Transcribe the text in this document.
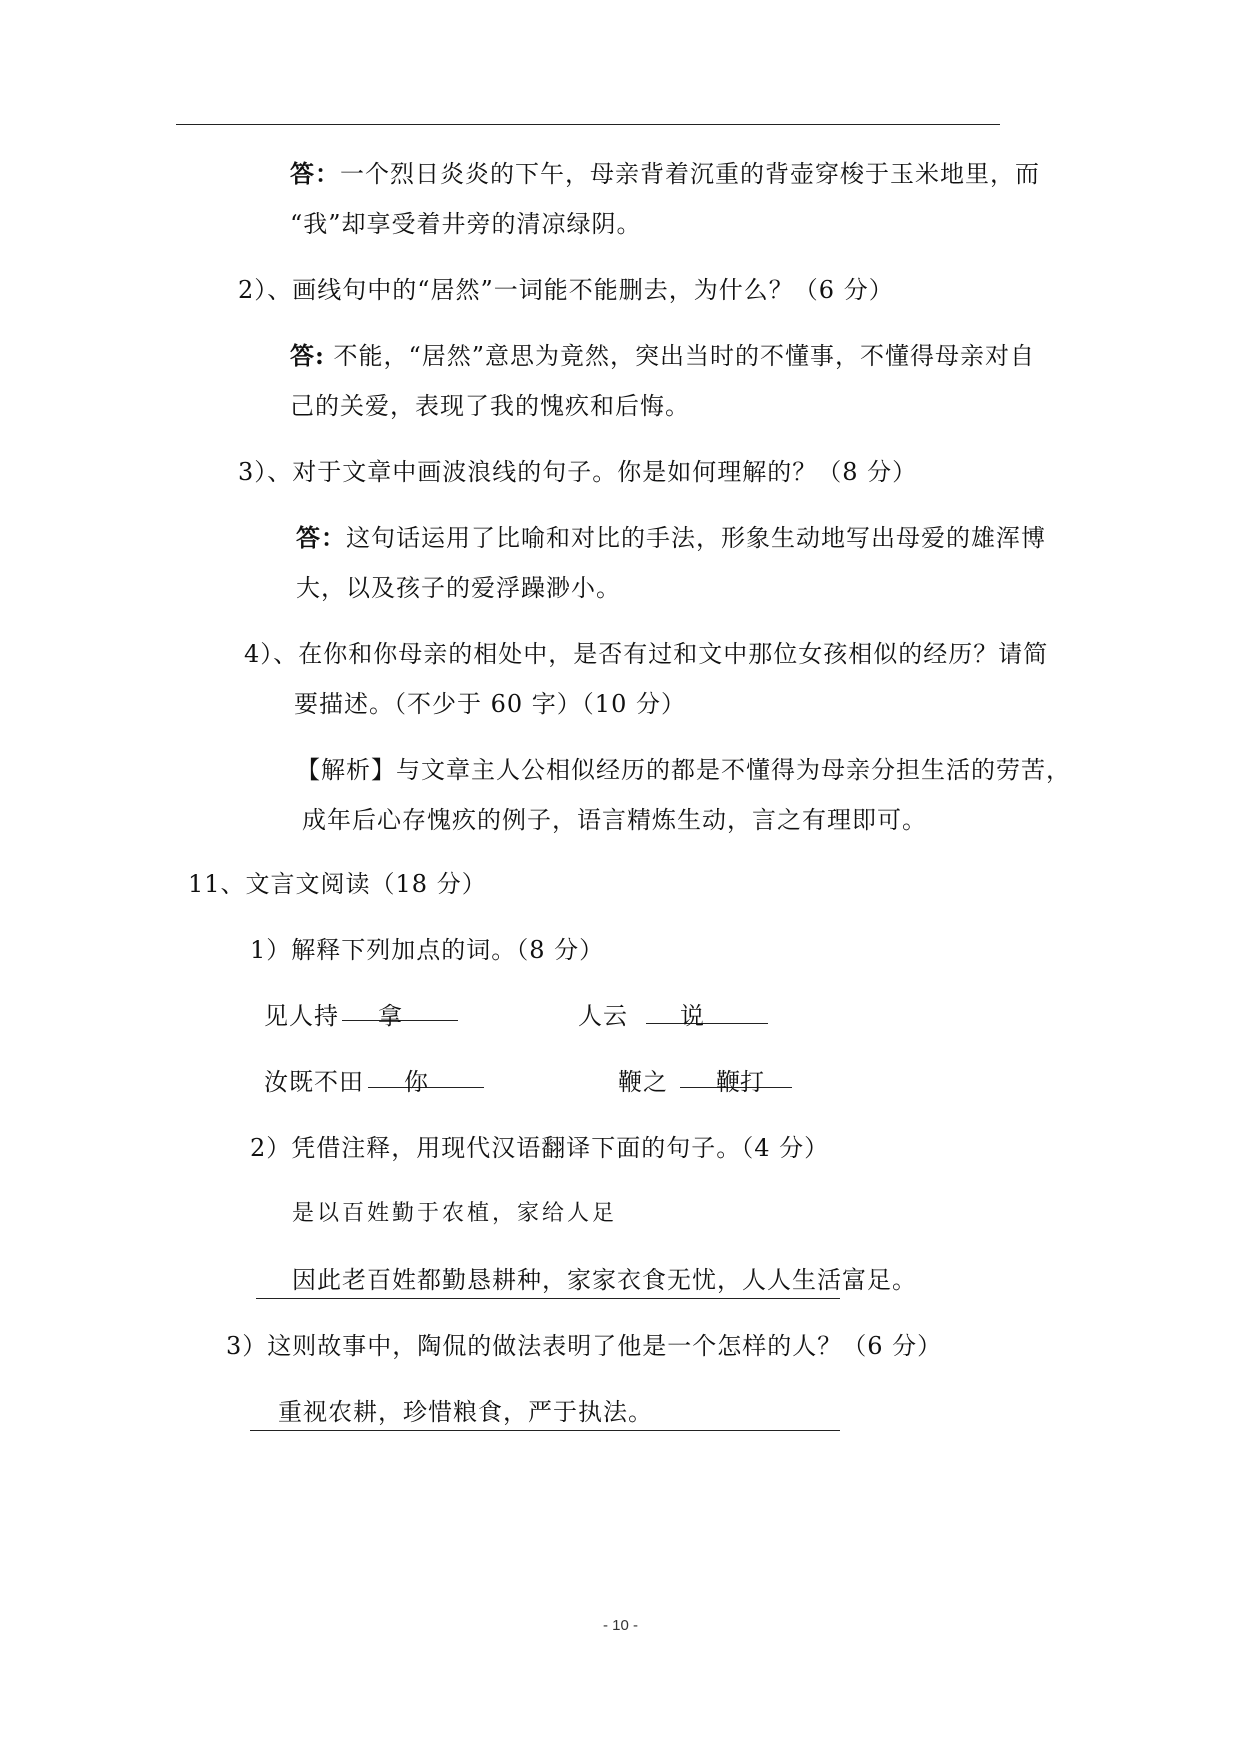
答：一个烈日炎炎的下午，母亲背着沉重的背壶穿梭于玉米地里，而
“我”却享受着井旁的清凉绿阴。
2）、画线句中的“居然”一词能不能删去，为什么？（6 分）
答: 不能，“居然”意思为竟然，突出当时的不懂事，不懂得母亲对自
己的关爱，表现了我的愧疚和后悔。
3）、对于文章中画波浪线的句子。你是如何理解的？（8 分）
答：这句话运用了比喻和对比的手法，形象生动地写出母爱的雄浑博
大，以及孩子的爱浮躁渺小。
4）、在你和你母亲的相处中，是否有过和文中那位女孩相似的经历？请简
要描述。（不少于 60 字）（10 分）
【解析】与文章主人公相似经历的都是不懂得为母亲分担生活的劳苦，
成年后心存愧疚的例子，语言精炼生动，言之有理即可。
11、文言文阅读（18 分）
1）解释下列加点的词。（8 分）
见人持 拿	人云 说
汝既不田 你	鞭之 鞭打
2）凭借注释，用现代汉语翻译下面的句子。（4 分）
是以百姓勤于农植，家给人足
因此老百姓都勤恳耕种，家家衣食无忧，人人生活富足。
3）这则故事中，陶侃的做法表明了他是一个怎样的人？（6 分）
重视农耕，珍惜粮食，严于执法。
- 10 -
